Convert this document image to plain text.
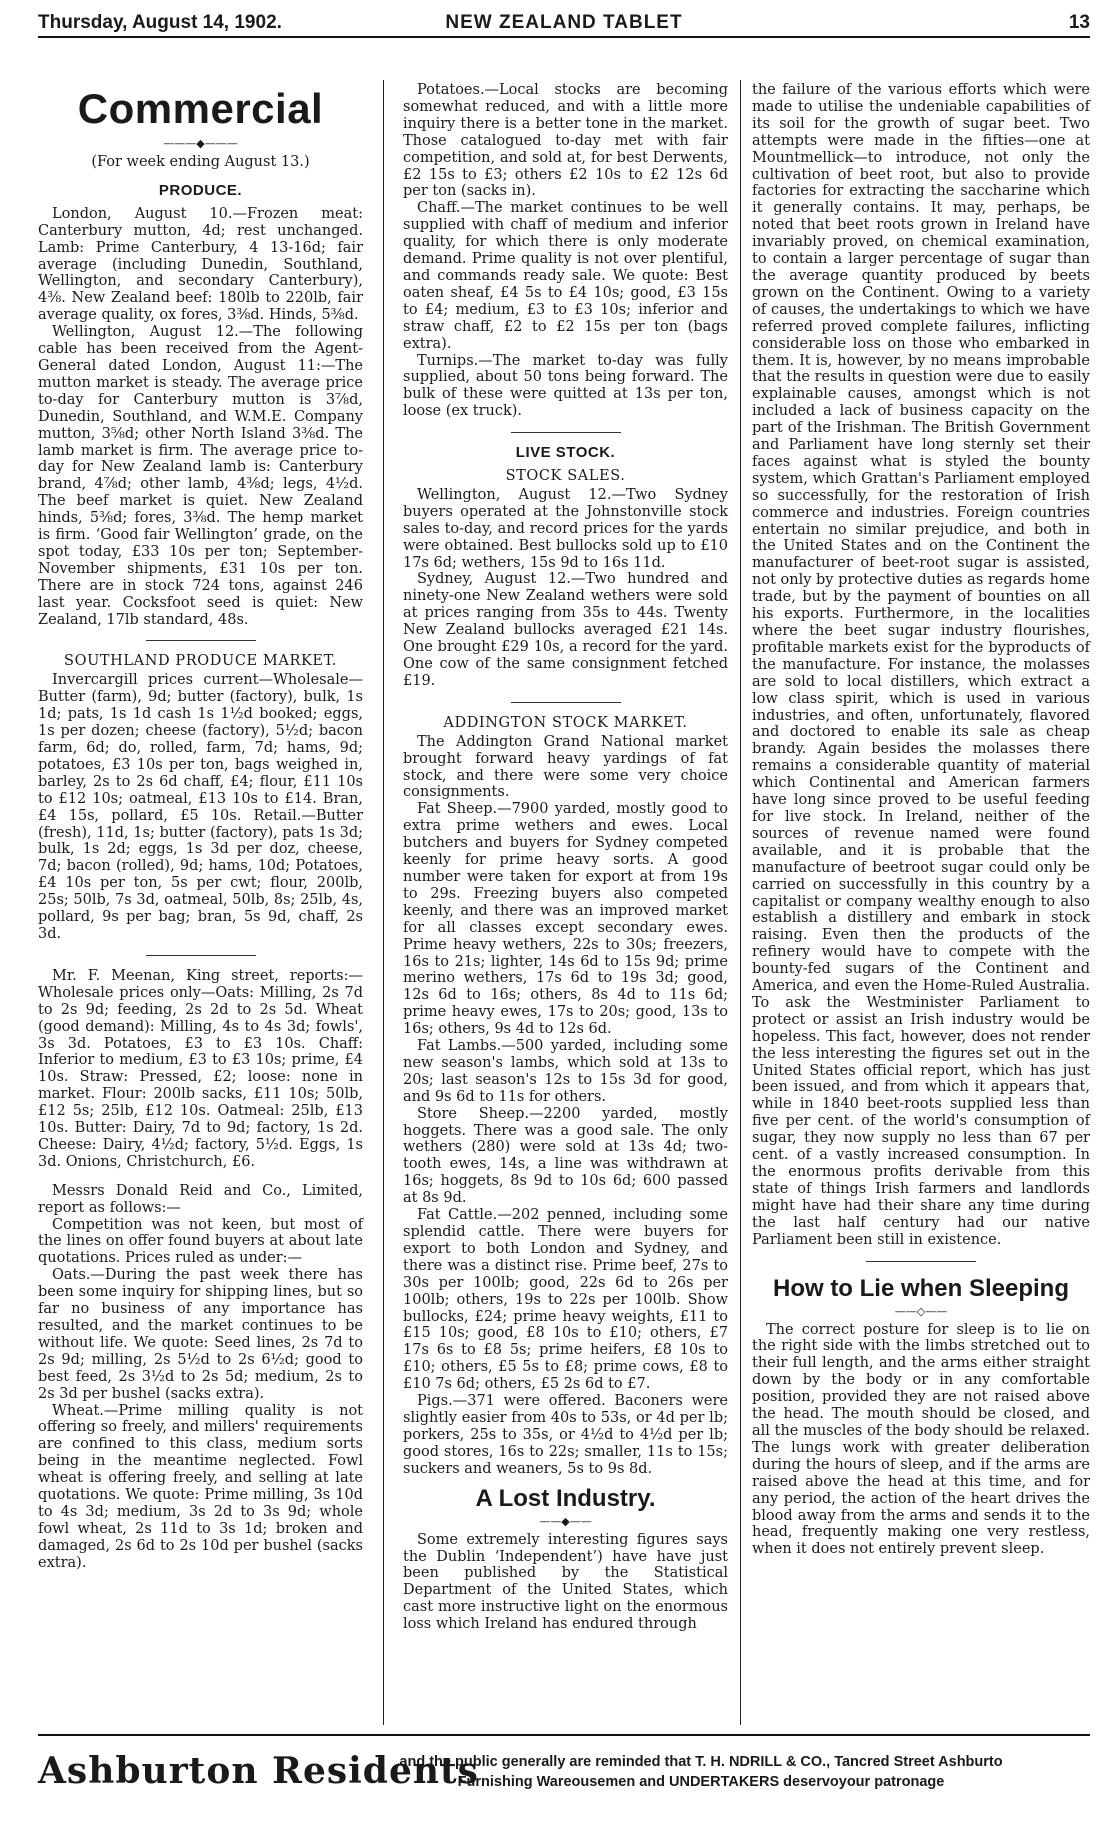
Thursday, August 14, 1902.	NEW ZEALAND TABLET	13
Commercial
———◆———
(For week ending August 13.)
PRODUCE.

London, August 10.—Frozen meat: Canterbury mutton, 4d; rest unchanged. Lamb: Prime Canterbury, 4 13-16d; fair average (including Dunedin, Southland, Wellington, and secondary Canterbury), 4⅜. New Zealand beef: 180lb to 220lb, fair average quality, ox fores, 3⅜d. Hinds, 5⅜d.

Wellington, August 12.—The following cable has been received from the Agent-General dated London, August 11:—The mutton market is steady. The average price to-day for Canterbury mutton is 3⅞d, Dunedin, Southland, and W.M.E. Company mutton, 3⅝d; other North Island 3⅜d. The lamb market is firm. The average price to-day for New Zealand lamb is: Canterbury brand, 4⅞d; other lamb, 4⅜d; legs, 4½d. The beef market is quiet. New Zealand hinds, 5⅜d; fores, 3⅜d. The hemp market is firm. ‘Good fair Wellington’ grade, on the spot today, £33 10s per ton; September-November shipments, £31 10s per ton. There are in stock 724 tons, against 246 last year. Cocksfoot seed is quiet: New Zealand, 17lb standard, 48s.

SOUTHLAND PRODUCE MARKET.

Invercargill prices current—Wholesale—Butter (farm), 9d; butter (factory), bulk, 1s 1d; pats, 1s 1d cash 1s 1½d booked; eggs, 1s per dozen; cheese (factory), 5½d; bacon farm, 6d; do, rolled, farm, 7d; hams, 9d; potatoes, £3 10s per ton, bags weighed in, barley, 2s to 2s 6d chaff, £4; flour, £11 10s to £12 10s; oatmeal, £13 10s to £14. Bran, £4 15s, pollard, £5 10s. Retail.—Butter (fresh), 11d, 1s; butter (factory), pats 1s 3d; bulk, 1s 2d; eggs, 1s 3d per doz, cheese, 7d; bacon (rolled), 9d; hams, 10d; Potatoes, £4 10s per ton, 5s per cwt; flour, 200lb, 25s; 50lb, 7s 3d, oatmeal, 50lb, 8s; 25lb, 4s, pollard, 9s per bag; bran, 5s 9d, chaff, 2s 3d.

Mr. F. Meenan, King street, reports:—Wholesale prices only—Oats: Milling, 2s 7d to 2s 9d; feeding, 2s 2d to 2s 5d. Wheat (good demand): Milling, 4s to 4s 3d; fowls', 3s 3d. Potatoes, £3 to £3 10s. Chaff: Inferior to medium, £3 to £3 10s; prime, £4 10s. Straw: Pressed, £2; loose: none in market. Flour: 200lb sacks, £11 10s; 50lb, £12 5s; 25lb, £12 10s. Oatmeal: 25lb, £13 10s. Butter: Dairy, 7d to 9d; factory, 1s 2d. Cheese: Dairy, 4½d; factory, 5½d. Eggs, 1s 3d. Onions, Christchurch, £6.

Messrs Donald Reid and Co., Limited, report as follows:—

Competition was not keen, but most of the lines on offer found buyers at about late quotations. Prices ruled as under:—

Oats.—During the past week there has been some inquiry for shipping lines, but so far no business of any importance has resulted, and the market continues to be without life. We quote: Seed lines, 2s 7d to 2s 9d; milling, 2s 5½d to 2s 6½d; good to best feed, 2s 3½d to 2s 5d; medium, 2s to 2s 3d per bushel (sacks extra).

Wheat.—Prime milling quality is not offering so freely, and millers' requirements are confined to this class, medium sorts being in the meantime neglected. Fowl wheat is offering freely, and selling at late quotations. We quote: Prime milling, 3s 10d to 4s 3d; medium, 3s 2d to 3s 9d; whole fowl wheat, 2s 11d to 3s 1d; broken and damaged, 2s 6d to 2s 10d per bushel (sacks extra).

Potatoes.—Local stocks are becoming somewhat reduced, and with a little more inquiry there is a better tone in the market. Those catalogued to-day met with fair competition, and sold at, for best Derwents, £2 15s to £3; others £2 10s to £2 12s 6d per ton (sacks in).

Chaff.—The market continues to be well supplied with chaff of medium and inferior quality, for which there is only moderate demand. Prime quality is not over plentiful, and commands ready sale. We quote: Best oaten sheaf, £4 5s to £4 10s; good, £3 15s to £4; medium, £3 to £3 10s; inferior and straw chaff, £2 to £2 15s per ton (bags extra).

Turnips.—The market to-day was fully supplied, about 50 tons being forward. The bulk of these were quitted at 13s per ton, loose (ex truck).

LIVE STOCK.
STOCK SALES.

Wellington, August 12.—Two Sydney buyers operated at the Johnstonville stock sales to-day, and record prices for the yards were obtained. Best bullocks sold up to £10 17s 6d; wethers, 15s 9d to 16s 11d.

Sydney, August 12.—Two hundred and ninety-one New Zealand wethers were sold at prices ranging from 35s to 44s. Twenty New Zealand bullocks averaged £21 14s. One brought £29 10s, a record for the yard. One cow of the same consignment fetched £19.

ADDINGTON STOCK MARKET.

The Addington Grand National market brought forward heavy yardings of fat stock, and there were some very choice consignments.

Fat Sheep.—7900 yarded, mostly good to extra prime wethers and ewes. Local butchers and buyers for Sydney competed keenly for prime heavy sorts. A good number were taken for export at from 19s to 29s. Freezing buyers also competed keenly, and there was an improved market for all classes except secondary ewes. Prime heavy wethers, 22s to 30s; freezers, 16s to 21s; lighter, 14s 6d to 15s 9d; prime merino wethers, 17s 6d to 19s 3d; good, 12s 6d to 16s; others, 8s 4d to 11s 6d; prime heavy ewes, 17s to 20s; good, 13s to 16s; others, 9s 4d to 12s 6d.

Fat Lambs.—500 yarded, including some new season's lambs, which sold at 13s to 20s; last season's 12s to 15s 3d for good, and 9s 6d to 11s for others.

Store Sheep.—2200 yarded, mostly hoggets. There was a good sale. The only wethers (280) were sold at 13s 4d; two-tooth ewes, 14s, a line was withdrawn at 16s; hoggets, 8s 9d to 10s 6d; 600 passed at 8s 9d.

Fat Cattle.—202 penned, including some splendid cattle. There were buyers for export to both London and Sydney, and there was a distinct rise. Prime beef, 27s to 30s per 100lb; good, 22s 6d to 26s per 100lb; others, 19s to 22s per 100lb. Show bullocks, £24; prime heavy weights, £11 to £15 10s; good, £8 10s to £10; others, £7 17s 6s to £8 5s; prime heifers, £8 10s to £10; others, £5 5s to £8; prime cows, £8 to £10 7s 6d; others, £5 2s 6d to £7.

Pigs.—371 were offered. Baconers were slightly easier from 40s to 53s, or 4d per lb; porkers, 25s to 35s, or 4½d to 4½d per lb; good stores, 16s to 22s; smaller, 11s to 15s; suckers and weaners, 5s to 9s 8d.

A Lost Industry.
——◆——

Some extremely interesting figures says the Dublin ‘Independent’) have have just been published by the Statistical Department of the United States, which cast more instructive light on the enormous loss which Ireland has endured through

the failure of the various efforts which were made to utilise the undeniable capabilities of its soil for the growth of sugar beet. Two attempts were made in the fifties—one at Mountmellick—to introduce, not only the cultivation of beet root, but also to provide factories for extracting the saccharine which it generally contains. It may, perhaps, be noted that beet roots grown in Ireland have invariably proved, on chemical examination, to contain a larger percentage of sugar than the average quantity produced by beets grown on the Continent. Owing to a variety of causes, the undertakings to which we have referred proved complete failures, inflicting considerable loss on those who embarked in them. It is, however, by no means improbable that the results in question were due to easily explainable causes, amongst which is not included a lack of business capacity on the part of the Irishman. The British Government and Parliament have long sternly set their faces against what is styled the bounty system, which Grattan's Parliament employed so successfully, for the restoration of Irish commerce and industries. Foreign countries entertain no similar prejudice, and both in the United States and on the Continent the manufacturer of beet-root sugar is assisted, not only by protective duties as regards home trade, but by the payment of bounties on all his exports. Furthermore, in the localities where the beet sugar industry flourishes, profitable markets exist for the byproducts of the manufacture. For instance, the molasses are sold to local distillers, which extract a low class spirit, which is used in various industries, and often, unfortunately, flavored and doctored to enable its sale as cheap brandy. Again besides the molasses there remains a considerable quantity of material which Continental and American farmers have long since proved to be useful feeding for live stock. In Ireland, neither of the sources of revenue named were found available, and it is probable that the manufacture of beetroot sugar could only be carried on successfully in this country by a capitalist or company wealthy enough to also establish a distillery and embark in stock raising. Even then the products of the refinery would have to compete with the bounty-fed sugars of the Continent and America, and even the Home-Ruled Australia. To ask the Westminister Parliament to protect or assist an Irish industry would be hopeless. This fact, however, does not render the less interesting the figures set out in the United States official report, which has just been issued, and from which it appears that, while in 1840 beet-roots supplied less than five per cent. of the world's consumption of sugar, they now supply no less than 67 per cent. of a vastly increased consumption. In the enormous profits derivable from this state of things Irish farmers and landlords might have had their share any time during the last half century had our native Parliament been still in existence.

How to Lie when Sleeping
——◇——

The correct posture for sleep is to lie on the right side with the limbs stretched out to their full length, and the arms either straight down by the body or in any comfortable position, provided they are not raised above the head. The mouth should be closed, and all the muscles of the body should be relaxed. The lungs work with greater deliberation during the hours of sleep, and if the arms are raised above the head at this time, and for any period, the action of the heart drives the blood away from the arms and sends it to the head, frequently making one very restless, when it does not entirely prevent sleep.

Ashburton Residents
and the public generally are reminded that T. H. NDRILL & CO., Tancred Street Ashburto
Furnishing Wareousemen and UNDERTAKERS deservoyour patronage
